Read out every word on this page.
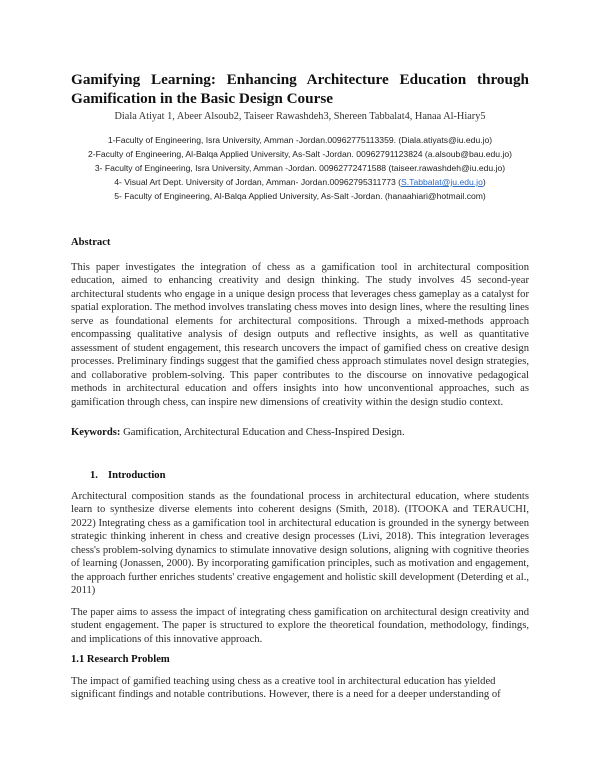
Gamifying Learning: Enhancing Architecture Education through
Gamification in the Basic Design Course
Diala Atiyat 1, Abeer Alsoub2, Taiseer Rawashdeh3, Shereen Tabbalat4, Hanaa Al-Hiary5
1-Faculty of Engineering, Isra University, Amman -Jordan.00962775113359. (Diala.atiyats@iu.edu.jo)
2-Faculty of Engineering, Al-Balqa Applied University, As-Salt -Jordan. 00962791123824 (a.alsoub@bau.edu.jo)
3- Faculty of Engineering, Isra University, Amman -Jordan. 00962772471588 (taiseer.rawashdeh@iu.edu.jo)
4- Visual Art Dept. University of Jordan, Amman- Jordan.00962795311773 (S.Tabbalat@ju.edu.jo)
5- Faculty of Engineering, Al-Balqa Applied University, As-Salt -Jordan. (hanaahiari@hotmail.com)
Abstract

This paper investigates the integration of chess as a gamification tool in architectural composition education, aimed to enhancing creativity and design thinking. The study involves 45 second-year architectural students who engage in a unique design process that leverages chess gameplay as a catalyst for spatial exploration. The method involves translating chess moves into design lines, where the resulting lines serve as foundational elements for architectural compositions. Through a mixed-methods approach encompassing qualitative analysis of design outputs and reflective insights, as well as quantitative assessment of student engagement, this research uncovers the impact of gamified chess on creative design processes. Preliminary findings suggest that the gamified chess approach stimulates novel design strategies, and collaborative problem-solving. This paper contributes to the discourse on innovative pedagogical methods in architectural education and offers insights into how unconventional approaches, such as gamification through chess, can inspire new dimensions of creativity within the design studio context.

Keywords: Gamification, Architectural Education and Chess-Inspired Design.
1. Introduction

Architectural composition stands as the foundational process in architectural education, where students learn to synthesize diverse elements into coherent designs (Smith, 2018). (ITOOKA and TERAUCHI, 2022) Integrating chess as a gamification tool in architectural education is grounded in the synergy between strategic thinking inherent in chess and creative design processes (Livi, 2018). This integration leverages chess's problem-solving dynamics to stimulate innovative design solutions, aligning with cognitive theories of learning (Jonassen, 2000). By incorporating gamification principles, such as motivation and engagement, the approach further enriches students' creative engagement and holistic skill development (Deterding et al., 2011)

The paper aims to assess the impact of integrating chess gamification on architectural design creativity and student engagement. The paper is structured to explore the theoretical foundation, methodology, findings, and implications of this innovative approach.

1.1 Research Problem

The impact of gamified teaching using chess as a creative tool in architectural education has yielded significant findings and notable contributions. However, there is a need for a deeper understanding of
